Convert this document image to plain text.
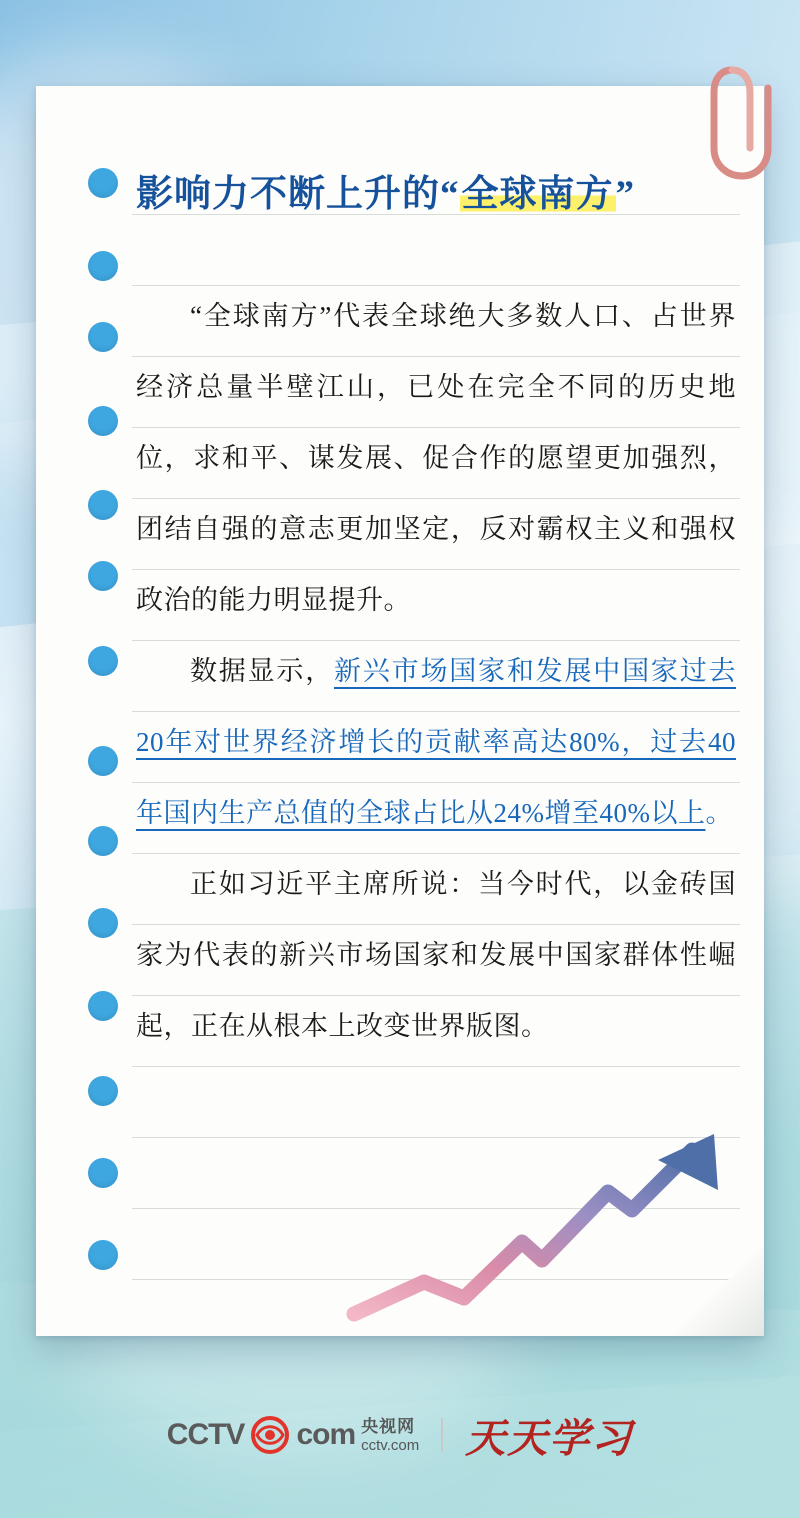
影响力不断上升的“全球南方”

“全球南方”代表全球绝大多数人口、占世界经济总量半壁江山，已处在完全不同的历史地位，求和平、谋发展、促合作的愿望更加强烈，团结自强的意志更加坚定，反对霸权主义和强权政治的能力明显提升。

数据显示，新兴市场国家和发展中国家过去20年对世界经济增长的贡献率高达80%，过去40年国内生产总值的全球占比从24%增至40%以上。

正如习近平主席所说：当今时代，以金砖国家为代表的新兴市场国家和发展中国家群体性崛起，正在从根本上改变世界版图。

CCTV com 央视网
cctv.com 天天学习
